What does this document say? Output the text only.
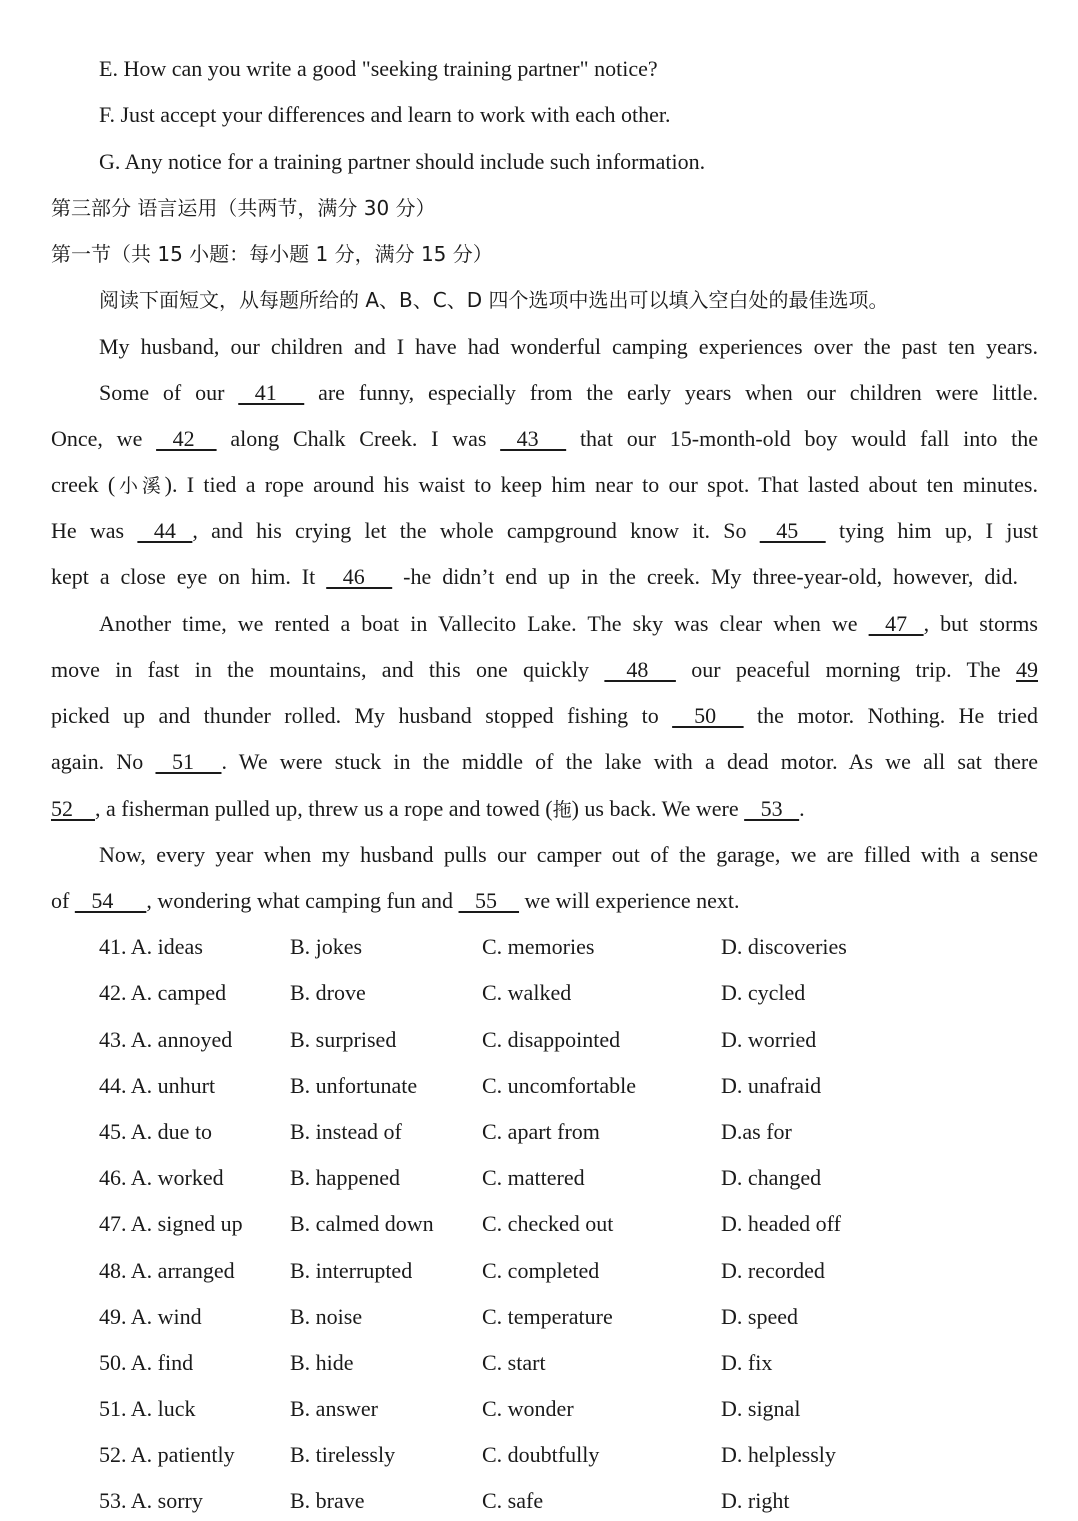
E. How can you write a good "seeking training partner" notice?
F. Just accept your differences and learn to work with each other.
G. Any notice for a training partner should include such information.
第三部分 语言运用（共两节，满分 30 分）
第一节（共 15 小题：每小题 1 分，满分 15 分）
阅读下面短文，从每题所给的 A、B、C、D 四个选项中选出可以填入空白处的最佳选项。
My husband, our children and I have had wonderful camping experiences over the past ten years.
Some of our    41      are funny, especially from the early years when our children were little.
Once, we    42     along Chalk Creek. I was    43      that our 15-month-old boy would fall into the
creek (小溪). I tied a rope around his waist to keep him near to our spot. That lasted about ten minutes.
He was    44   , and his crying let the whole campground know it. So    45      tying him up, I just
kept a close eye on him. It    46      -he didn’t end up in the creek. My three-year-old, however, did.
Another time, we rented a boat in Vallecito Lake. The sky was clear when we    47   , but storms
move in fast in the mountains, and this one quickly     48      our peaceful morning trip. The 49
picked up and thunder rolled. My husband stopped fishing to     50      the motor. Nothing. He tried
again. No    51     . We were stuck in the middle of the lake with a dead motor. As we all sat there
52    , a fisherman pulled up, threw us a rope and towed (拖) us back. We were    53   .
Now, every year when my husband pulls our camper out of the garage, we are filled with a sense
of    54      , wondering what camping fun and    55     we will experience next.
41. A. ideas	B. jokes	C. memories	D. discoveries
42. A. camped	B. drove	C. walked	D. cycled
43. A. annoyed	B. surprised	C. disappointed	D. worried
44. A. unhurt	B. unfortunate	C. uncomfortable	D. unafraid
45. A. due to	B. instead of	C. apart from	D.as for
46. A. worked	B. happened	C. mattered	D. changed
47. A. signed up B. calmed down C. checked out	D. headed off
48. A. arranged	B. interrupted	C. completed	D. recorded
49. A. wind	B. noise	C. temperature	D. speed
50. A. find	B. hide	C. start	D. fix
51. A. luck	B. answer	C. wonder	D. signal
52. A. patiently	B. tirelessly	C. doubtfully	D. helplessly
53. A. sorry	B. brave	C. safe	D. right
